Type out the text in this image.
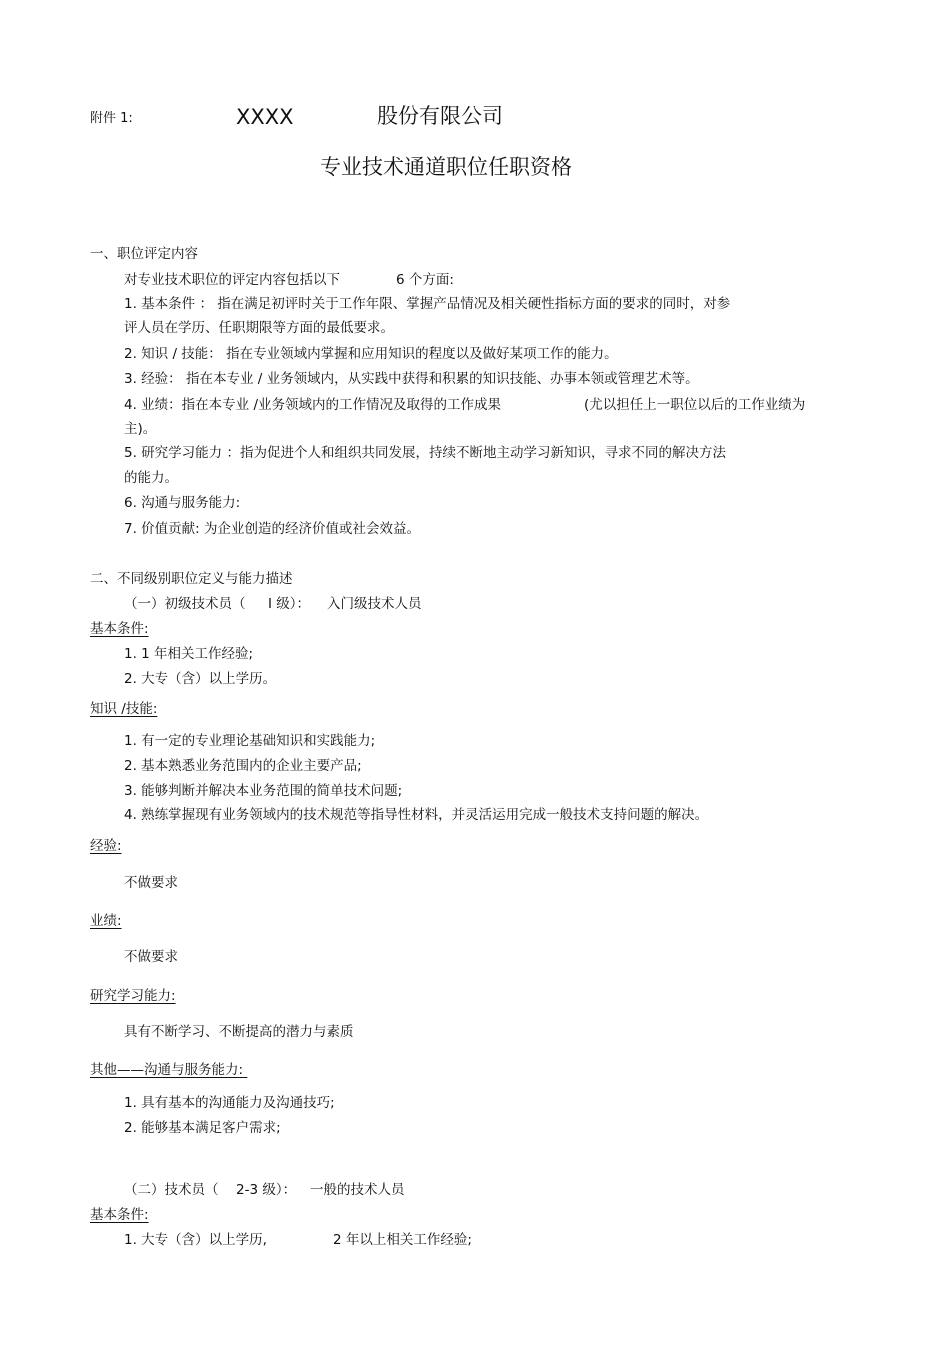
附件 1:	XXXX	股份有限公司
专业技术通道职位任职资格
一、职位评定内容
对专业技术职位的评定内容包括以下	6 个方面:
1. 基本条件 ： 指在满足初评时关于工作年限、掌握产品情况及相关硬性指标方面的要求的同时，对参
评人员在学历、任职期限等方面的最低要求。
2. 知识 / 技能： 指在专业领域内掌握和应用知识的程度以及做好某项工作的能力。
3. 经验： 指在本专业 / 业务领域内，从实践中获得和积累的知识技能、办事本领或管理艺术等。
4. 业绩：指在本专业 /业务领域内的工作情况及取得的工作成果	(尤以担任上一职位以后的工作业绩为
主)。
5. 研究学习能力 ：指为促进个人和组织共同发展，持续不断地主动学习新知识，寻求不同的解决方法
的能力。
6. 沟通与服务能力:
7. 价值贡献: 为企业创造的经济价值或社会效益。
二、不同级别职位定义与能力描述
（一）初级技术员（ Ⅰ 级）： 入门级技术人员
基本条件:
1. 1 年相关工作经验;
2. 大专（含）以上学历。
知识 /技能:
1. 有一定的专业理论基础知识和实践能力;
2. 基本熟悉业务范围内的企业主要产品;
3. 能够判断并解决本业务范围的简单技术问题;
4. 熟练掌握现有业务领域内的技术规范等指导性材料，并灵活运用完成一般技术支持问题的解决。
经验:
不做要求
业绩:
不做要求
研究学习能力:
具有不断学习、不断提高的潜力与素质
其他——沟通与服务能力:
1. 具有基本的沟通能力及沟通技巧;
2. 能够基本满足客户需求;
（二）技术员（ 2-3 级）： 一般的技术人员
基本条件:
1. 大专（含）以上学历,	2 年以上相关工作经验;
